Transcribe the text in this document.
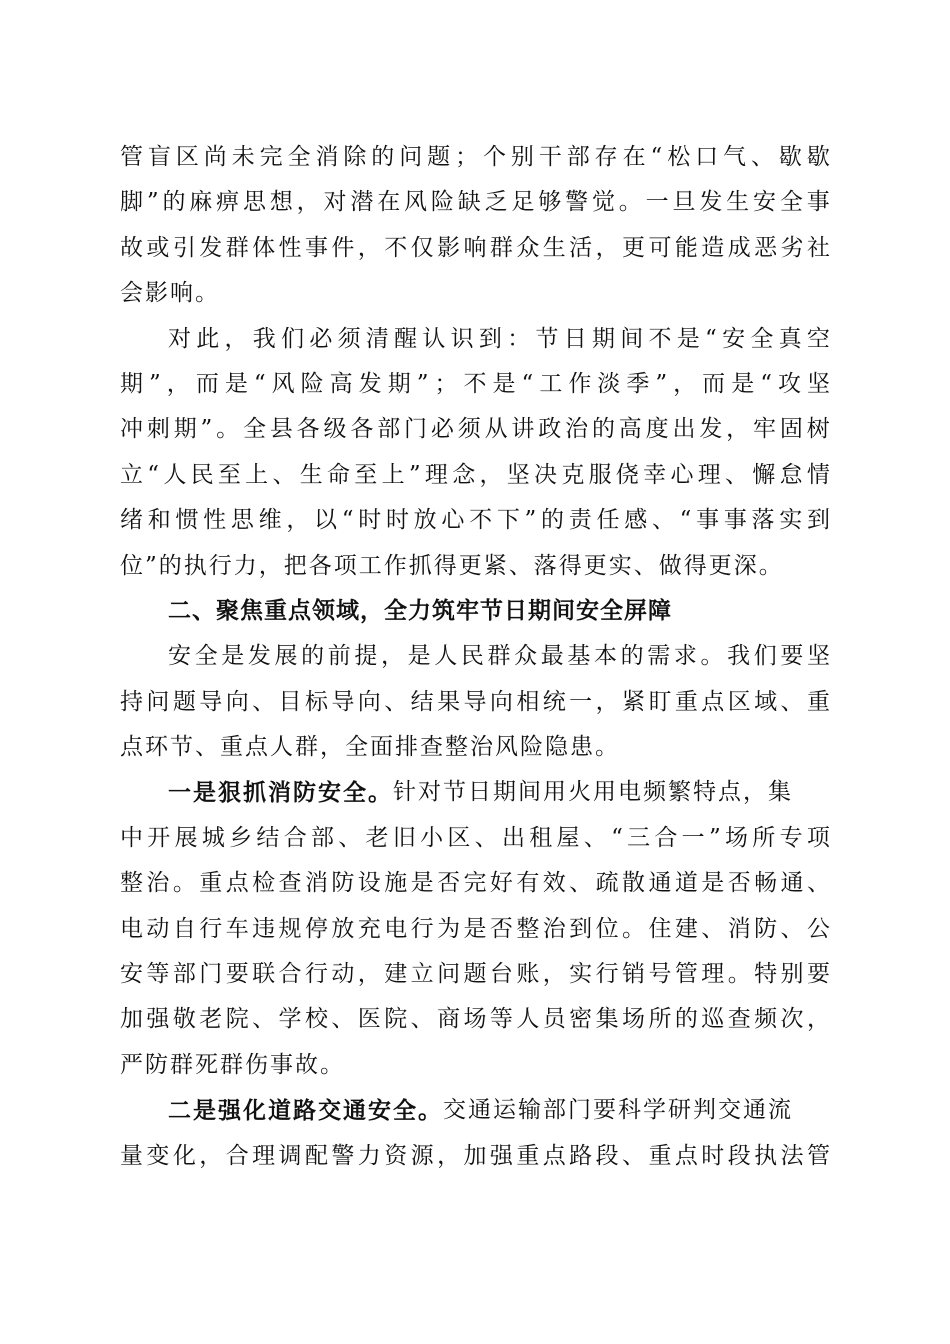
管 盲 区 尚 未 完 全 消 除 的 问 题 ； 个 别 干 部 存 在 “ 松 口 气 、 歇 歇
脚 ” 的 麻 痹 思 想 ， 对 潜 在 风 险 缺 乏 足 够 警 觉 。 一 旦 发 生 安 全 事
故 或 引 发 群 体 性 事 件 ， 不 仅 影 响 群 众 生 活 ， 更 可 能 造 成 恶 劣 社
会影响。
对 此 ， 我 们 必 须 清 醒 认 识 到 ： 节 日 期 间 不 是 “ 安 全 真 空
期 ” ， 而 是 “ 风 险 高 发 期 ” ； 不 是 “ 工 作 淡 季 ” ， 而 是 “ 攻 坚
冲 刺 期 ” 。 全 县 各 级 各 部 门 必 须 从 讲 政 治 的 高 度 出 发 ， 牢 固 树
立 “ 人 民 至 上 、 生 命 至 上 ” 理 念 ， 坚 决 克 服 侥 幸 心 理 、 懈 怠 情
绪 和 惯 性 思 维 ， 以 “ 时 时 放 心 不 下 ” 的 责 任 感 、 “ 事 事 落 实 到
位”的执行力，把各项工作抓得更紧、落得更实、做得更深。
二、聚焦重点领域，全力筑牢节日期间安全屏障
安 全 是 发 展 的 前 提 ， 是 人 民 群 众 最 基 本 的 需 求 。 我 们 要 坚
持 问 题 导 向 、 目 标 导 向 、 结 果 导 向 相 统 一 ， 紧 盯 重 点 区 域 、 重
点环节、重点人群，全面排查整治风险隐患。
一是狠抓消防安全。 针对节日期间用火用电频繁特点，集
中 开 展 城 乡 结 合 部 、 老 旧 小 区 、 出 租 屋 、 “ 三 合 一 ” 场 所 专 项
整 治 。 重 点 检 查 消 防 设 施 是 否 完 好 有 效 、 疏 散 通 道 是 否 畅 通 、
电 动 自 行 车 违 规 停 放 充 电 行 为 是 否 整 治 到 位 。 住 建 、 消 防 、 公
安 等 部 门 要 联 合 行 动 ， 建 立 问 题 台 账 ， 实 行 销 号 管 理 。 特 别 要
加 强 敬 老 院 、 学 校 、 医 院 、 商 场 等 人 员 密 集 场 所 的 巡 查 频 次 ，
严防群死群伤事故。
二是强化道路交通安全。 交通运输部门要科学研判交通流
量 变 化 ， 合 理 调 配 警 力 资 源 ， 加 强 重 点 路 段 、 重 点 时 段 执 法 管
